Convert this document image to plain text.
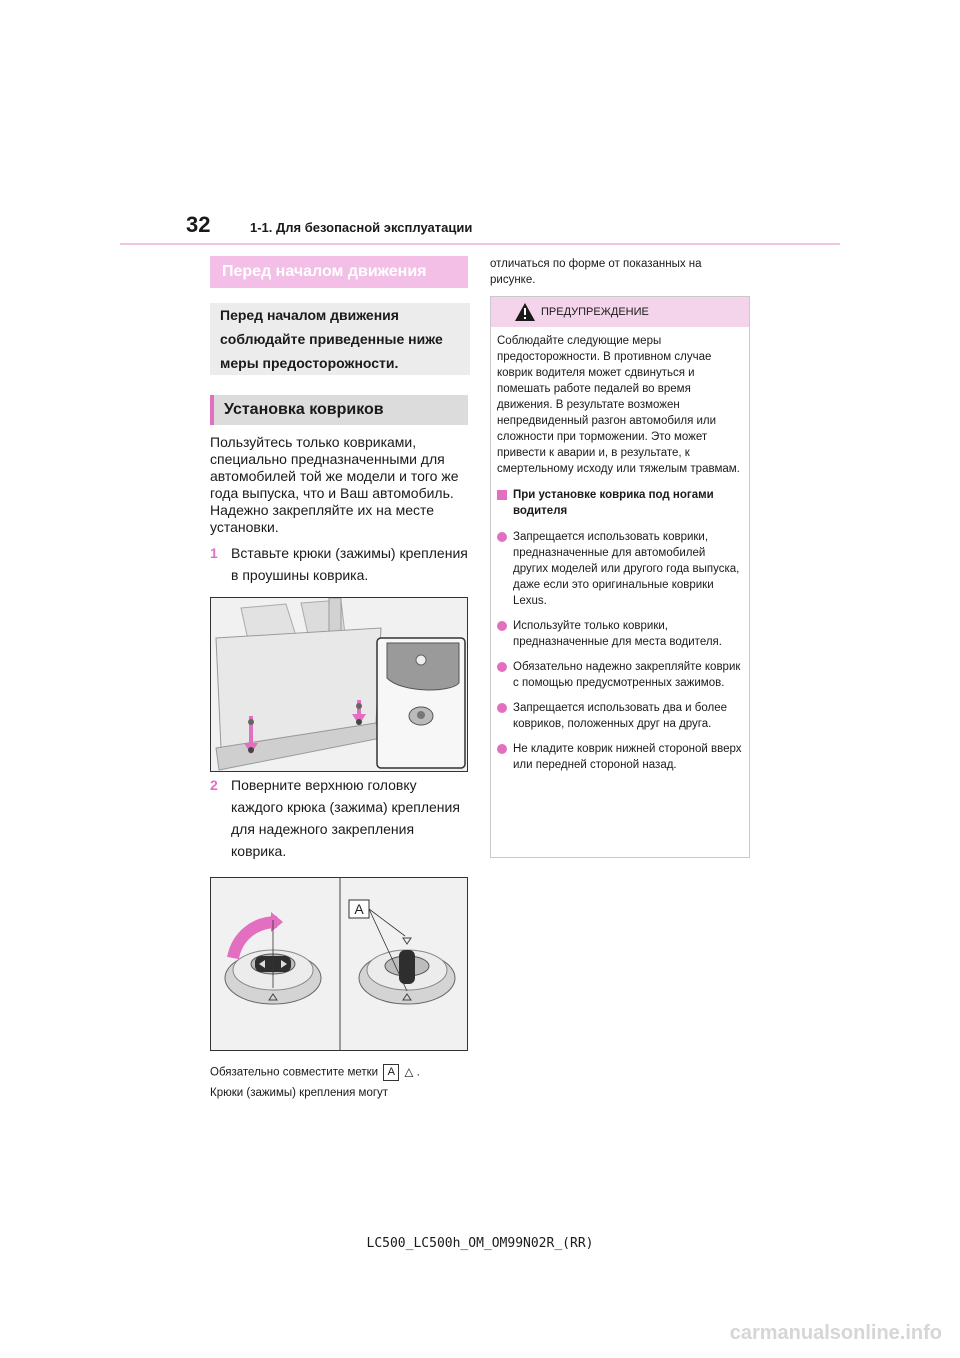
32	1-1. Для безопасной эксплуатации
Перед началом движения
Перед началом движения
соблюдайте приведенные ниже
меры предосторожности.
Установка ковриков
Пользуйтесь только ковриками, специально предназначенными для автомобилей той же модели и того же года выпуска, что и Ваш автомобиль. Надежно закрепляйте их на месте установки.
1 Вставьте крюки (зажимы) крепления в проушины коврика.
2 Поверните верхнюю головку каждого крюка (зажима) крепления для надежного закрепления коврика.
A
Обязательно совместите метки A △ .
Крюки (зажимы) крепления могут
отличаться по форме от показанных на рисунке.
ПРЕДУПРЕЖДЕНИЕ

Соблюдайте следующие меры предосторожности. В противном случае коврик водителя может сдвинуться и помешать работе педалей во время движения. В результате возможен непредвиденный разгон автомобиля или сложности при торможении. Это может привести к аварии и, в результате, к смертельному исходу или тяжелым травмам.

При установке коврика под ногами водителя
Запрещается использовать коврики, предназначенные для автомобилей других моделей или другого года выпуска, даже если это оригинальные коврики Lexus.
Используйте только коврики, предназначенные для места водителя.
Обязательно надежно закрепляйте коврик с помощью предусмотренных зажимов.
Запрещается использовать два и более ковриков, положенных друг на друга.
Не кладите коврик нижней стороной вверх или передней стороной назад.
LC500_LC500h_OM_OM99N02R_(RR)
carmanualsonline.info
